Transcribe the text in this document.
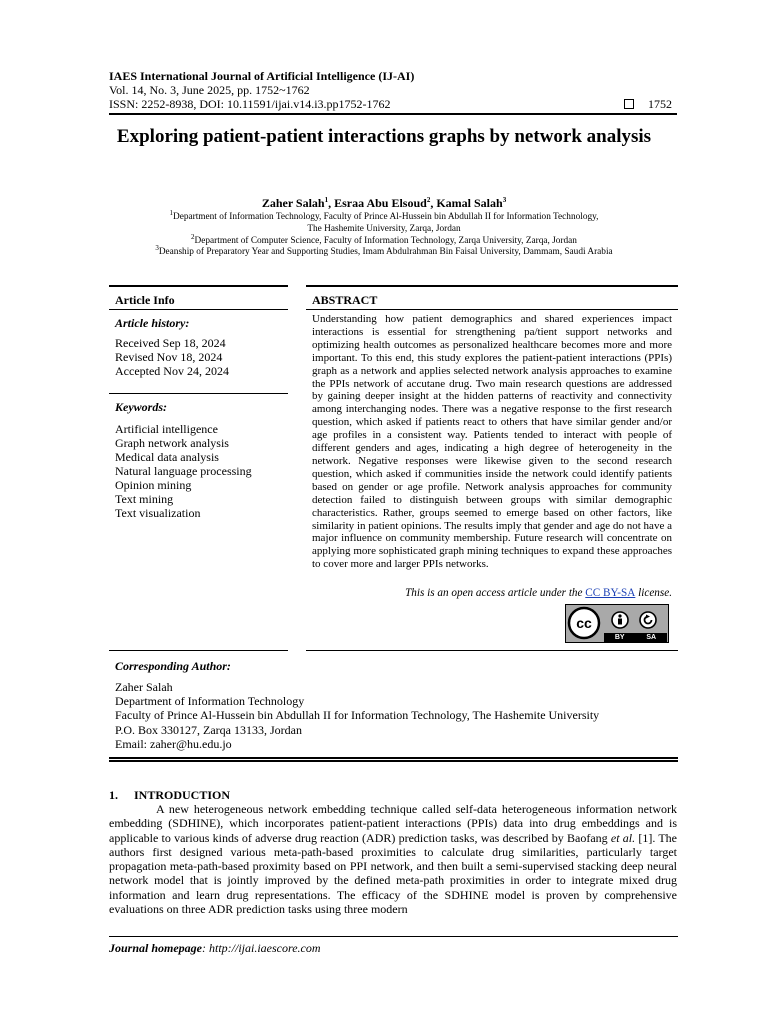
IAES International Journal of Artificial Intelligence (IJ-AI)
Vol. 14, No. 3, June 2025, pp. 1752~1762
ISSN: 2252-8938, DOI: 10.11591/ijai.v14.i3.pp1752-1762	1752
Exploring patient-patient interactions graphs by network analysis
Zaher Salah$^1$, Esraa Abu Elsoud$^2$, Kamal Salah$^3$
$^1$Department of Information Technology, Faculty of Prince Al-Hussein bin Abdullah II for Information Technology,
The Hashemite University, Zarqa, Jordan
$^2$Department of Computer Science, Faculty of Information Technology, Zarqa University, Zarqa, Jordan
$^3$Deanship of Preparatory Year and Supporting Studies, Imam Abdulrahman Bin Faisal University, Dammam, Saudi Arabia
Article Info
Article history:
Received Sep 18, 2024
Revised Nov 18, 2024
Accepted Nov 24, 2024
Keywords:
Artificial intelligence
Graph network analysis
Medical data analysis
Natural language processing
Opinion mining
Text mining
Text visualization
ABSTRACT
Understanding how patient demographics and shared experiences impact interactions is essential for strengthening pa/tient support networks and optimizing health outcomes as personalized healthcare becomes more and more important. To this end, this study explores the patient-patient interactions (PPIs) graph as a network and applies selected network analysis approaches to examine the PPIs network of accutane drug. Two main research questions are addressed by gaining deeper insight at the hidden patterns of reactivity and connectivity among interchanging nodes. There was a negative response to the first research question, which asked if patients react to others that have similar gender and/or age profiles in a consistent way. Patients tended to interact with people of different genders and ages, indicating a high degree of heterogeneity in the network. Negative responses were likewise given to the second research question, which asked if communities inside the network could identify patients based on gender or age profile. Network analysis approaches for community detection failed to distinguish between groups with similar demographic characteristics. Rather, groups seemed to emerge based on other factors, like similarity in patient opinions. The results imply that gender and age do not have a major influence on community membership. Future research will concentrate on applying more sophisticated graph mining techniques to expand these approaches to cover more and larger PPIs networks.
This is an open access article under the CC BY-SA license.
cc
BY	SA
Corresponding Author:
Zaher Salah
Department of Information Technology
Faculty of Prince Al-Hussein bin Abdullah II for Information Technology, The Hashemite University
P.O. Box 330127, Zarqa 13133, Jordan
Email: zaher@hu.edu.jo
1. INTRODUCTION
A new heterogeneous network embedding technique called self-data heterogeneous information network embedding (SDHINE), which incorporates patient-patient interactions (PPIs) data into drug embeddings and is applicable to various kinds of adverse drug reaction (ADR) prediction tasks, was described by Baofang et al. [1]. The authors first designed various meta-path-based proximities to calculate drug similarities, particularly target propagation meta-path-based proximity based on PPI network, and then built a semi-supervised stacking deep neural network model that is jointly improved by the defined meta-path proximities in order to integrate mixed drug information and learn drug representations. The efficacy of the SDHINE model is proven by comprehensive evaluations on three ADR prediction tasks using three modern
Journal homepage: http://ijai.iaescore.com
